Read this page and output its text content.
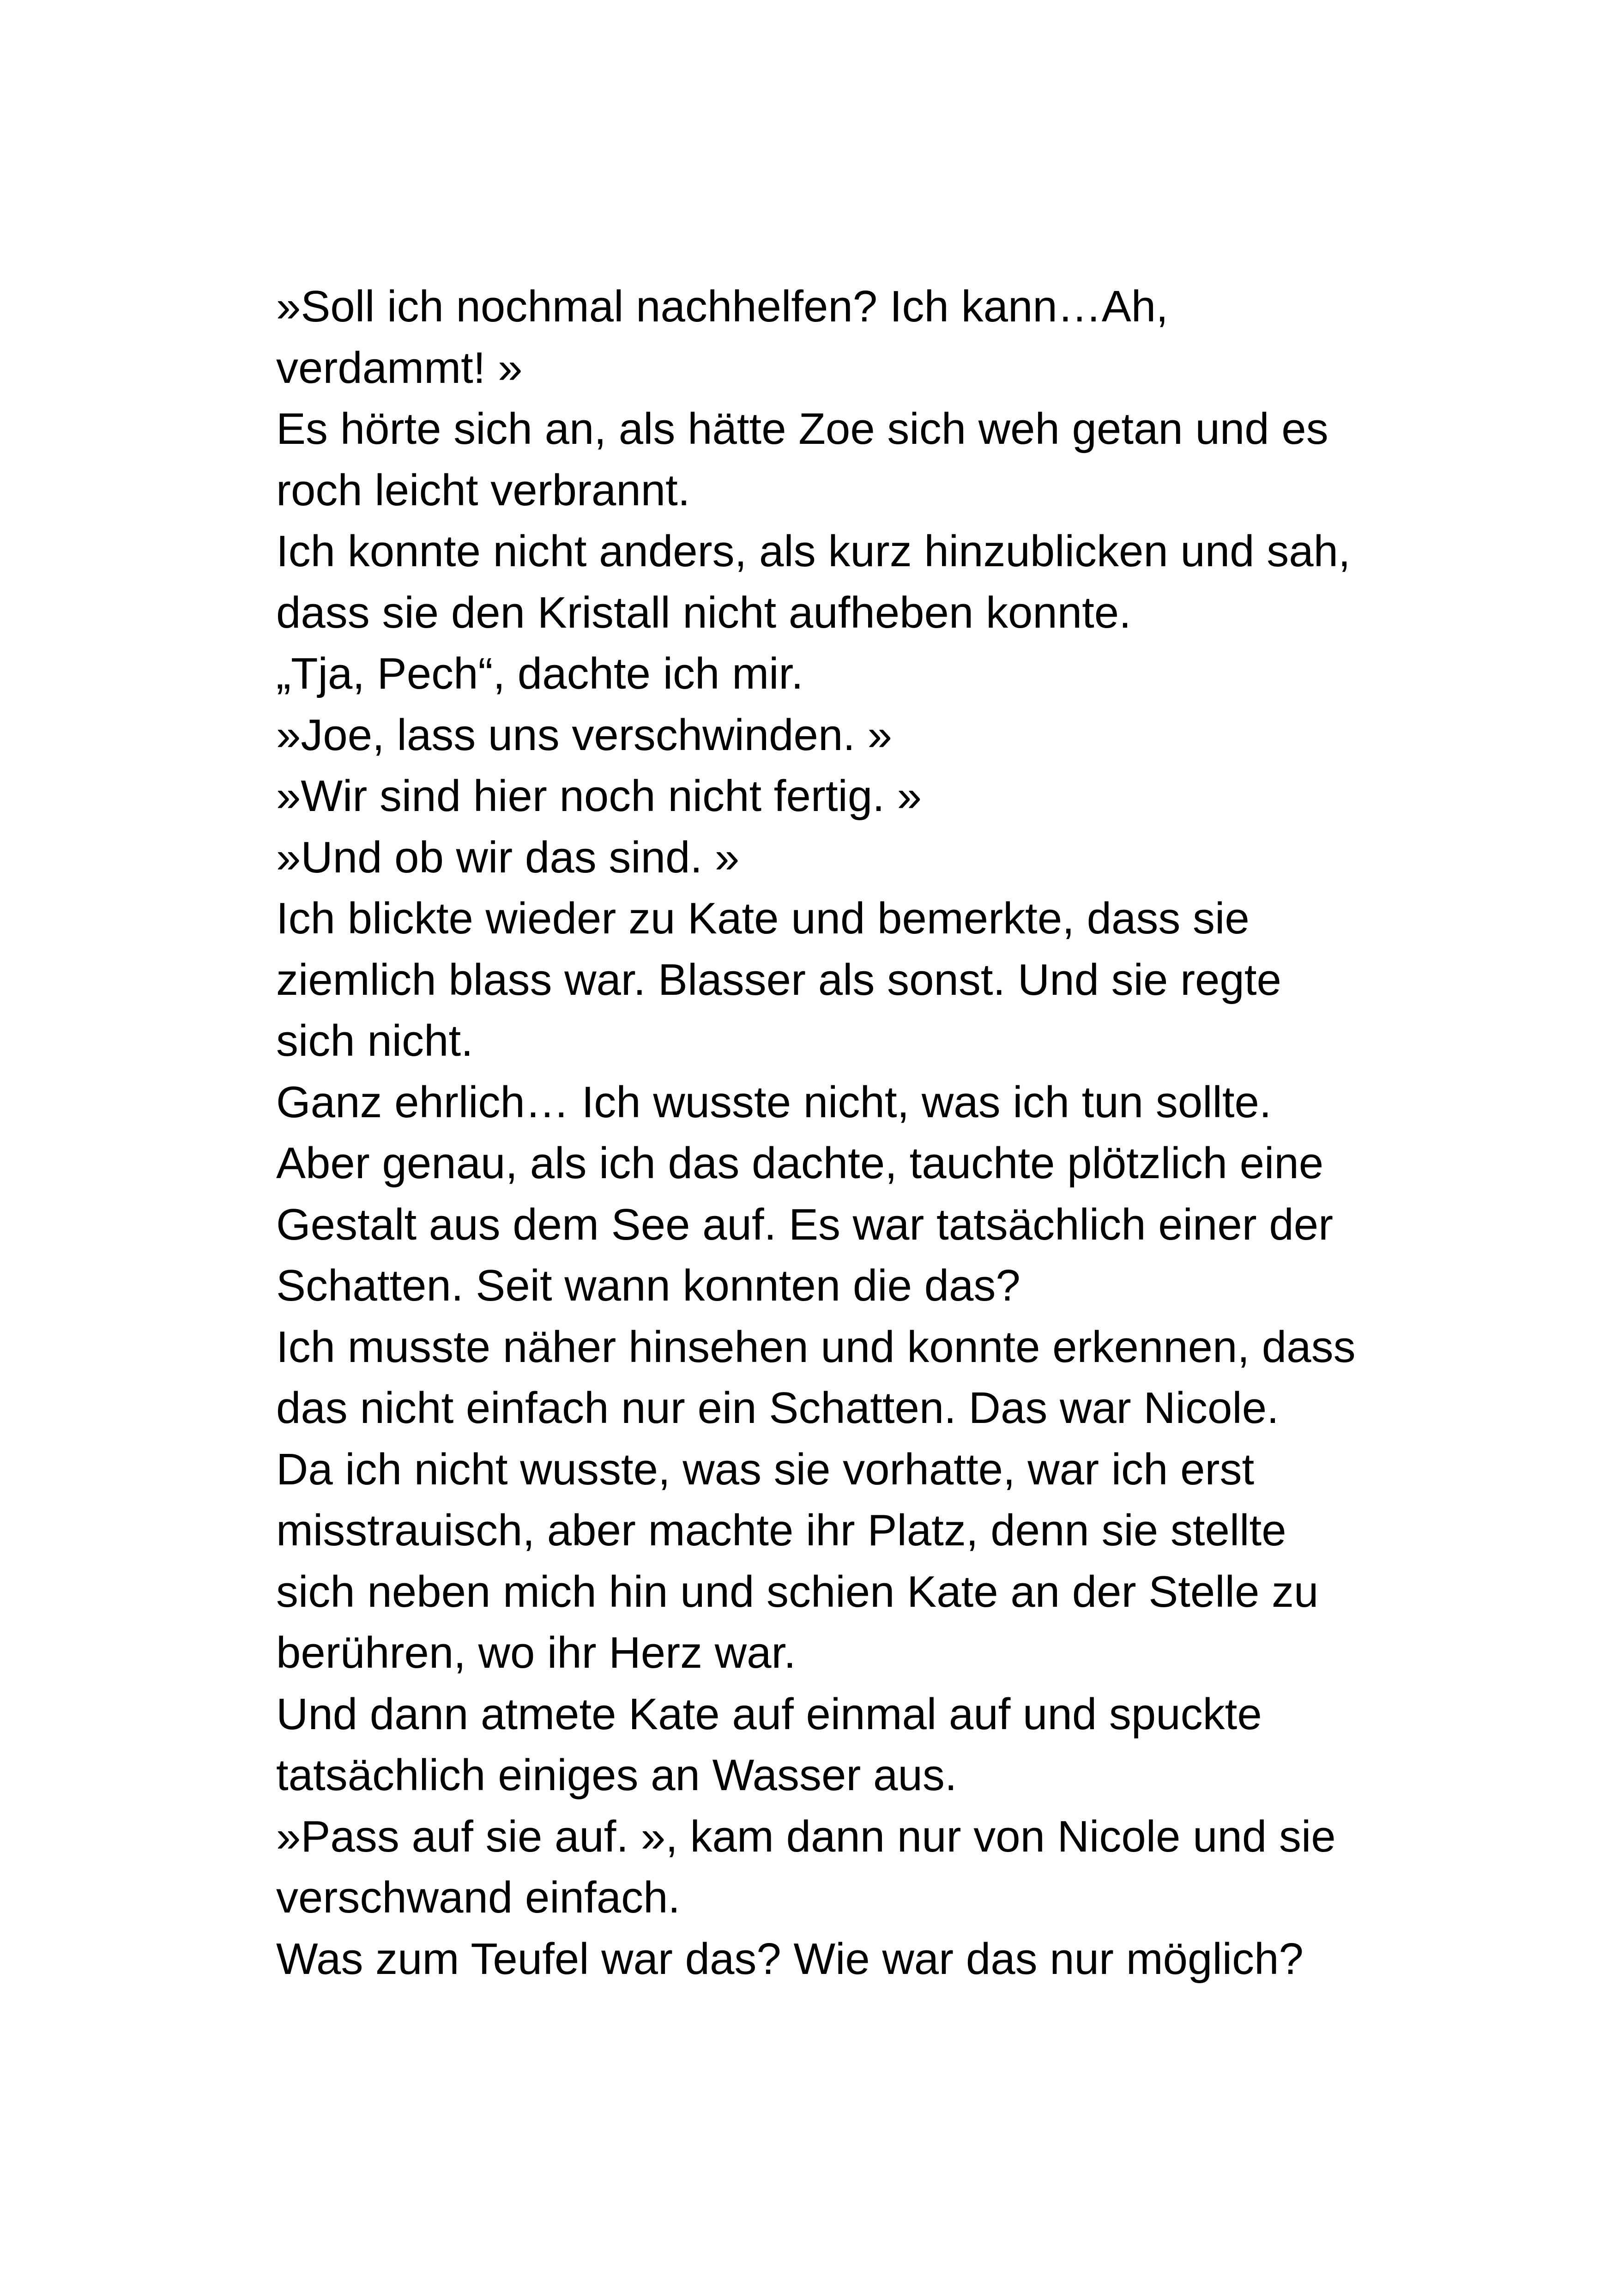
»Soll ich nochmal nachhelfen? Ich kann…Ah,
verdammt! »
Es hörte sich an, als hätte Zoe sich weh getan und es
roch leicht verbrannt.
Ich konnte nicht anders, als kurz hinzublicken und sah,
dass sie den Kristall nicht aufheben konnte.
„Tja, Pech“, dachte ich mir.
»Joe, lass uns verschwinden. »
»Wir sind hier noch nicht fertig. »
»Und ob wir das sind. »
Ich blickte wieder zu Kate und bemerkte, dass sie
ziemlich blass war. Blasser als sonst. Und sie regte
sich nicht.
Ganz ehrlich… Ich wusste nicht, was ich tun sollte.
Aber genau, als ich das dachte, tauchte plötzlich eine
Gestalt aus dem See auf. Es war tatsächlich einer der
Schatten. Seit wann konnten die das?
Ich musste näher hinsehen und konnte erkennen, dass
das nicht einfach nur ein Schatten. Das war Nicole.
Da ich nicht wusste, was sie vorhatte, war ich erst
misstrauisch, aber machte ihr Platz, denn sie stellte
sich neben mich hin und schien Kate an der Stelle zu
berühren, wo ihr Herz war.
Und dann atmete Kate auf einmal auf und spuckte
tatsächlich einiges an Wasser aus.
»Pass auf sie auf. », kam dann nur von Nicole und sie
verschwand einfach.
Was zum Teufel war das? Wie war das nur möglich?
